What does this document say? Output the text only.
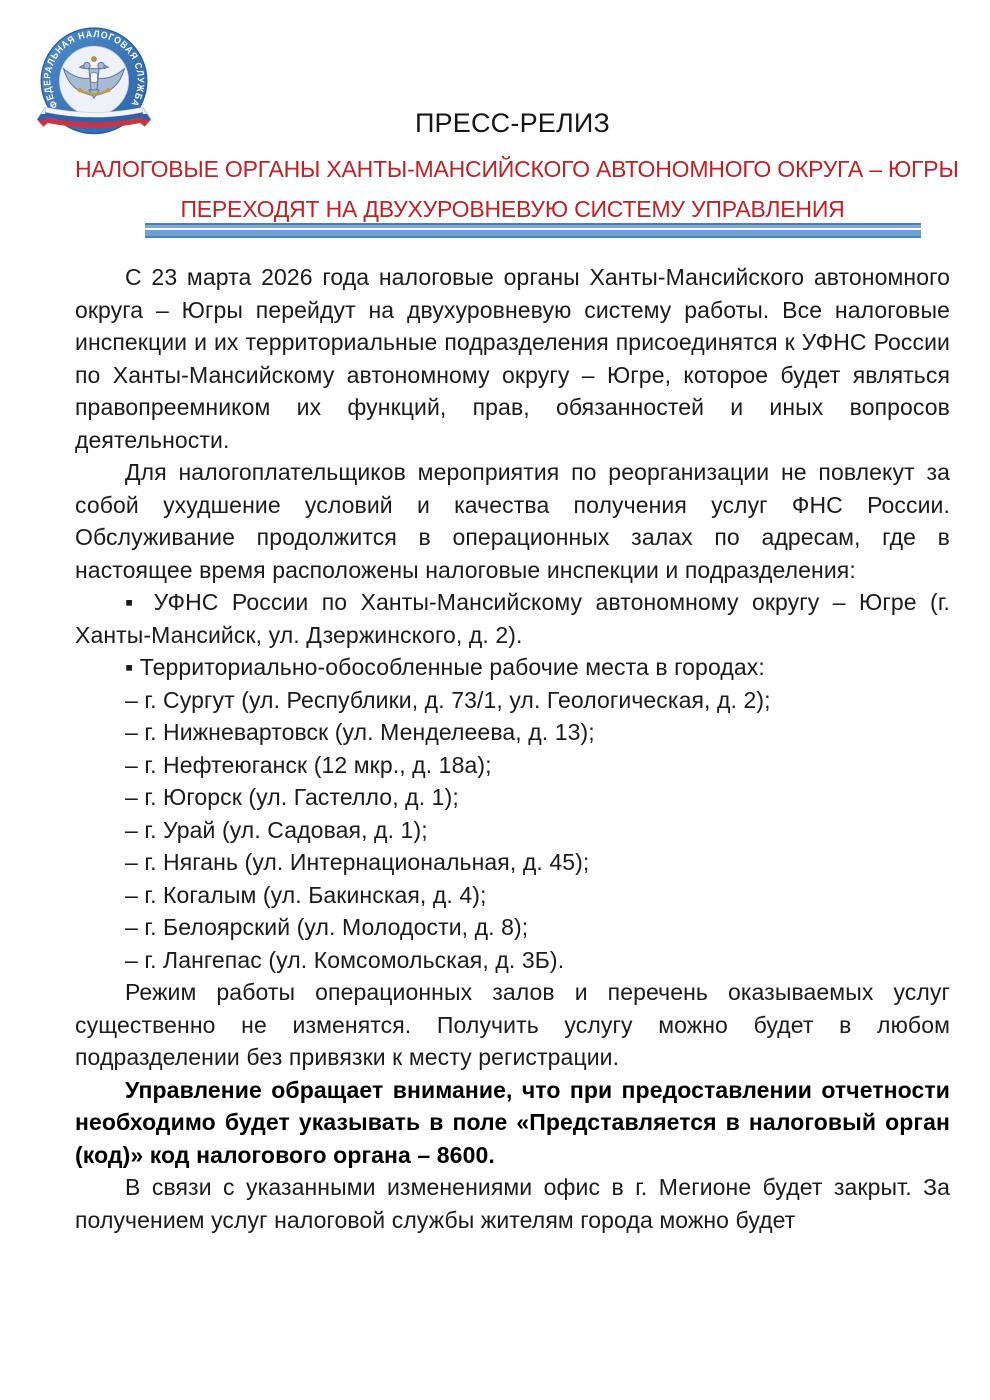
ФЕДЕРАЛЬНАЯ НАЛОГОВАЯ СЛУЖБА
ПРЕСС-РЕЛИЗ
НАЛОГОВЫЕ ОРГАНЫ ХАНТЫ-МАНСИЙСКОГО АВТОНОМНОГО ОКРУГА – ЮГРЫ
ПЕРЕХОДЯТ НА ДВУХУРОВНЕВУЮ СИСТЕМУ УПРАВЛЕНИЯ

С 23 марта 2026 года налоговые органы Ханты-Мансийского автономного округа – Югры перейдут на двухуровневую систему работы. Все налоговые инспекции и их территориальные подразделения присоединятся к УФНС России по Ханты-Мансийскому автономному округу – Югре, которое будет являться правопреемником их функций, прав, обязанностей и иных вопросов деятельности.

Для налогоплательщиков мероприятия по реорганизации не повлекут за собой ухудшение условий и качества получения услуг ФНС России. Обслуживание продолжится в операционных залах по адресам, где в настоящее время расположены налоговые инспекции и подразделения:

▪ УФНС России по Ханты-Мансийскому автономному округу – Югре (г. Ханты-Мансийск, ул. Дзержинского, д. 2).

▪ Территориально-обособленные рабочие места в городах:

– г. Сургут (ул. Республики, д. 73/1, ул. Геологическая, д. 2);

– г. Нижневартовск (ул. Менделеева, д. 13);

– г. Нефтеюганск (12 мкр., д. 18а);

– г. Югорск (ул. Гастелло, д. 1);

– г. Урай (ул. Садовая, д. 1);

– г. Нягань (ул. Интернациональная, д. 45);

– г. Когалым (ул. Бакинская, д. 4);

– г. Белоярский (ул. Молодости, д. 8);

– г. Лангепас (ул. Комсомольская, д. 3Б).

Режим работы операционных залов и перечень оказываемых услуг существенно не изменятся. Получить услугу можно будет в любом подразделении без привязки к месту регистрации.

Управление обращает внимание, что при предоставлении отчетности необходимо будет указывать в поле «Представляется в налоговый орган (код)» код налогового органа – 8600.

В связи с указанными изменениями офис в г. Мегионе будет закрыт. За получением услуг налоговой службы жителям города можно будет
